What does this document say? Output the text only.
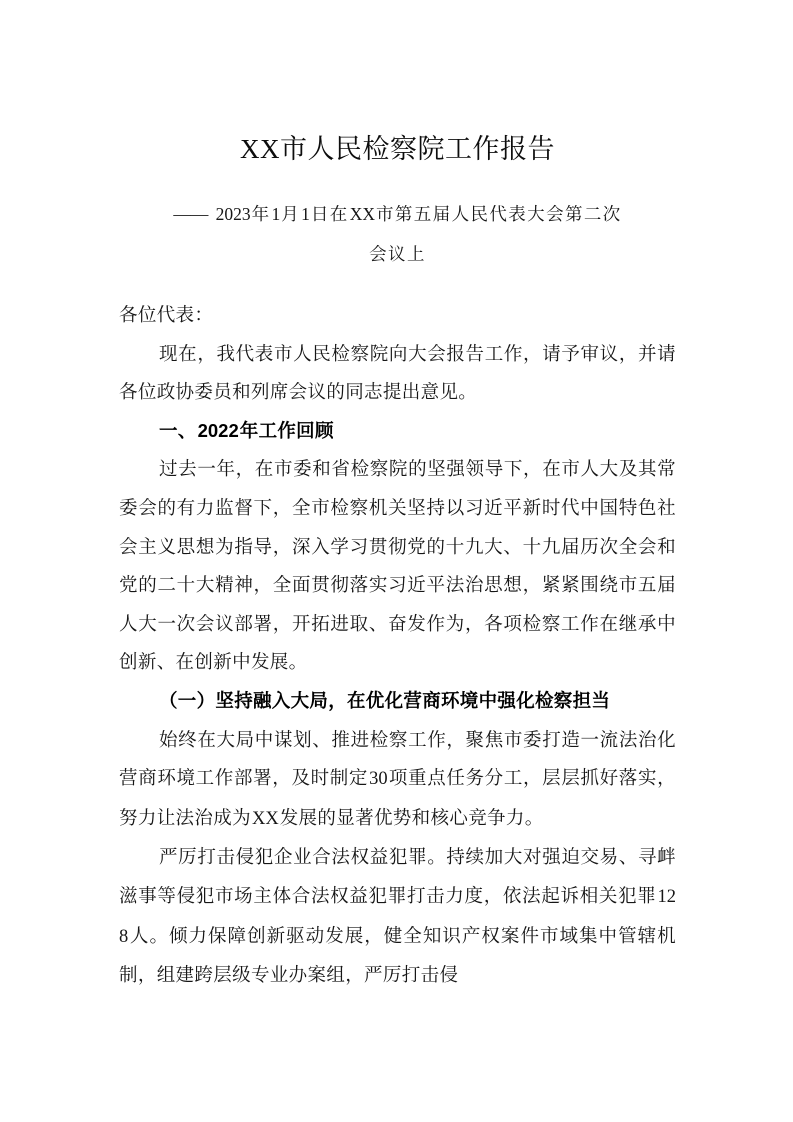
XX市人民检察院工作报告
—— 2023年1月1日在XX市第五届人民代表大会第二次
会议上

各位代表：

现在，我代表市人民检察院向大会报告工作，请予审议，并请各位政协委员和列席会议的同志提出意见。

一、2022年工作回顾

过去一年，在市委和省检察院的坚强领导下，在市人大及其常委会的有力监督下，全市检察机关坚持以习近平新时代中国特色社会主义思想为指导，深入学习贯彻党的十九大、十九届历次全会和党的二十大精神，全面贯彻落实习近平法治思想，紧紧围绕市五届人大一次会议部署，开拓进取、奋发作为，各项检察工作在继承中创新、在创新中发展。

（一）坚持融入大局，在优化营商环境中强化检察担当

始终在大局中谋划、推进检察工作，聚焦市委打造一流法治化营商环境工作部署，及时制定30项重点任务分工，层层抓好落实，努力让法治成为XX发展的显著优势和核心竞争力。

严厉打击侵犯企业合法权益犯罪。持续加大对强迫交易、寻衅滋事等侵犯市场主体合法权益犯罪打击力度，依法起诉相关犯罪128人。倾力保障创新驱动发展，健全知识产权案件市域集中管辖机制，组建跨层级专业办案组，严厉打击侵
